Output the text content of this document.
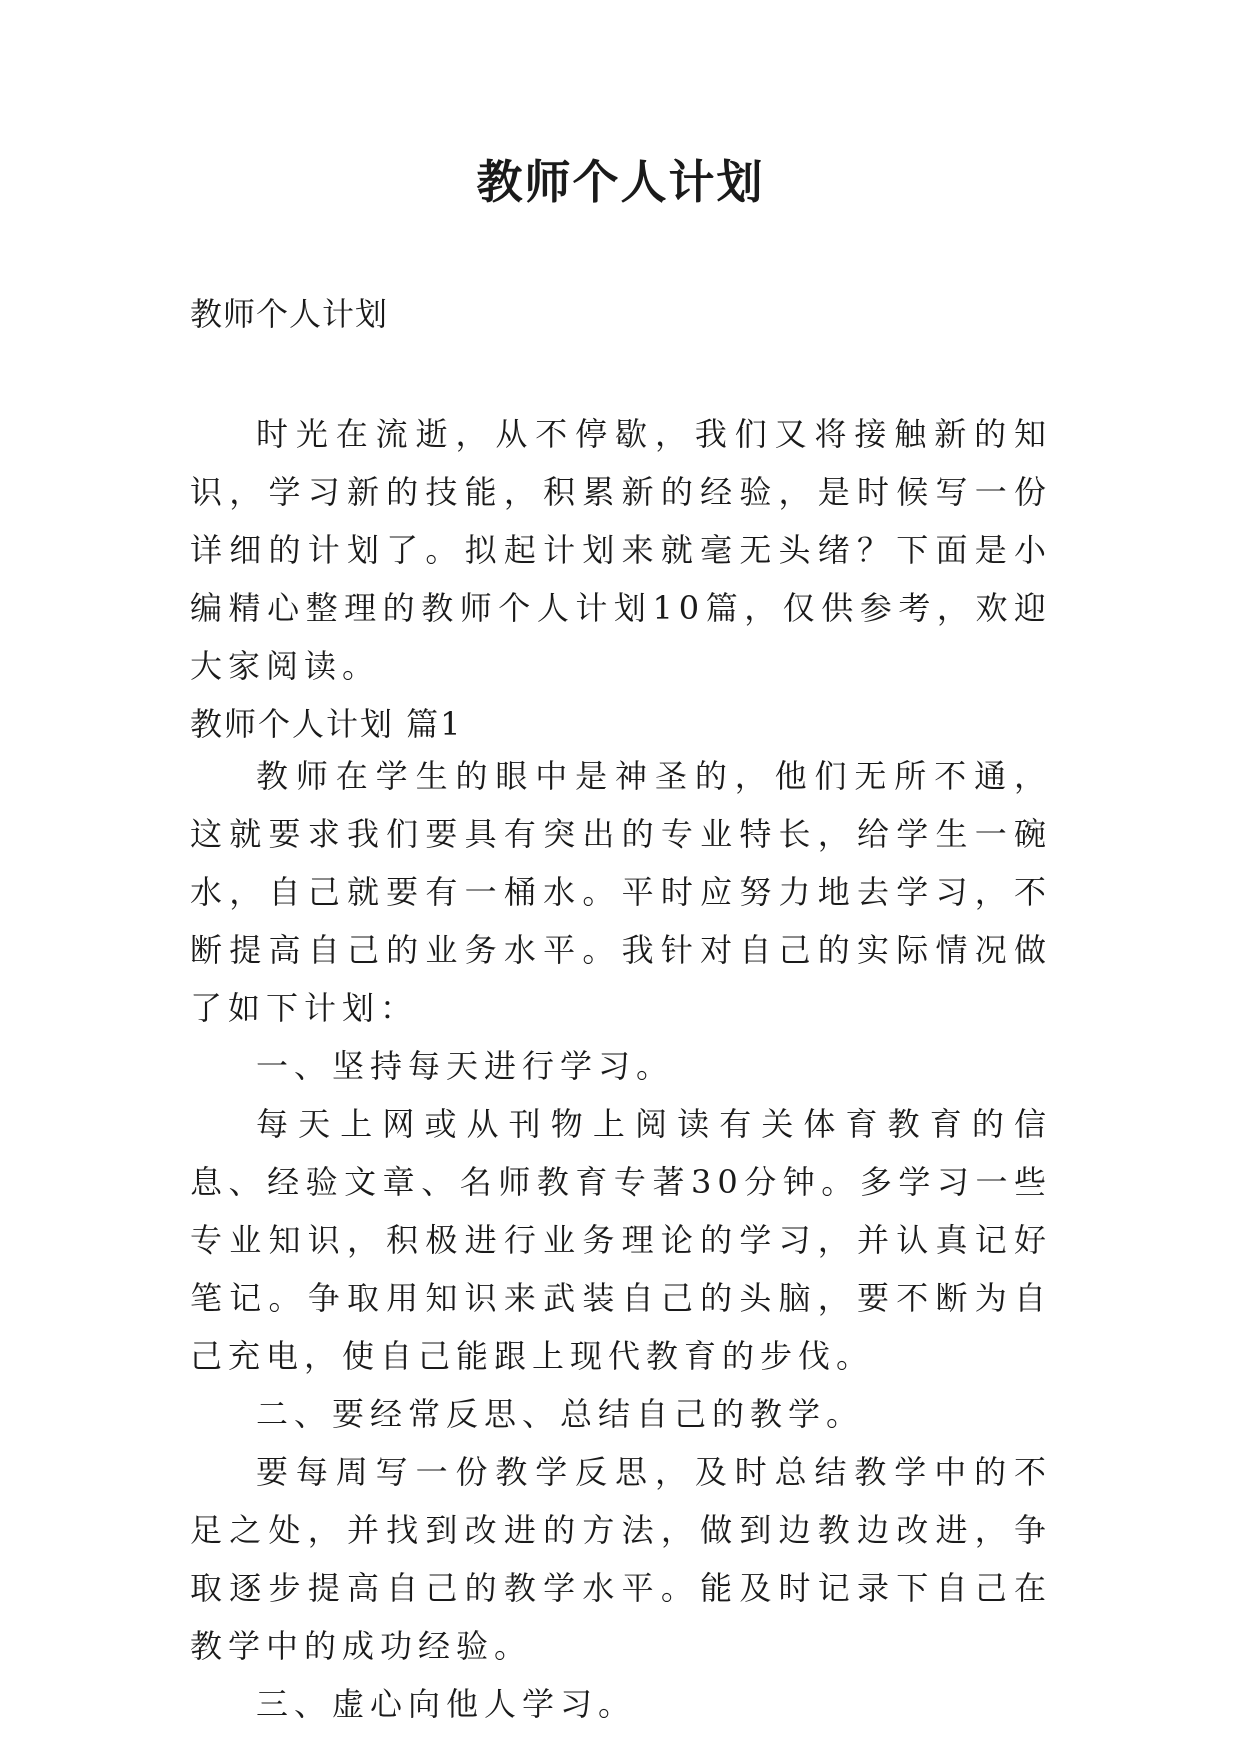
教师个人计划
教师个人计划

时光在流逝，从不停歇，我们又将接触新的知识，学习新的技能，积累新的经验，是时候写一份详细的计划了。拟起计划来就毫无头绪？下面是小编精心整理的教师个人计划10篇，仅供参考，欢迎大家阅读。

教师个人计划 篇1

教师在学生的眼中是神圣的，他们无所不通，这就要求我们要具有突出的专业特长，给学生一碗水，自己就要有一桶水。平时应努力地去学习，不断提高自己的业务水平。我针对自己的实际情况做了如下计划：

一、坚持每天进行学习。

每天上网或从刊物上阅读有关体育教育的信息、经验文章、名师教育专著30分钟。多学习一些专业知识，积极进行业务理论的学习，并认真记好笔记。争取用知识来武装自己的头脑，要不断为自己充电，使自己能跟上现代教育的步伐。

二、要经常反思、总结自己的教学。

要每周写一份教学反思，及时总结教学中的不足之处，并找到改进的方法，做到边教边改进，争取逐步提高自己的教学水平。能及时记录下自己在教学中的成功经验。

三、虚心向他人学习。
